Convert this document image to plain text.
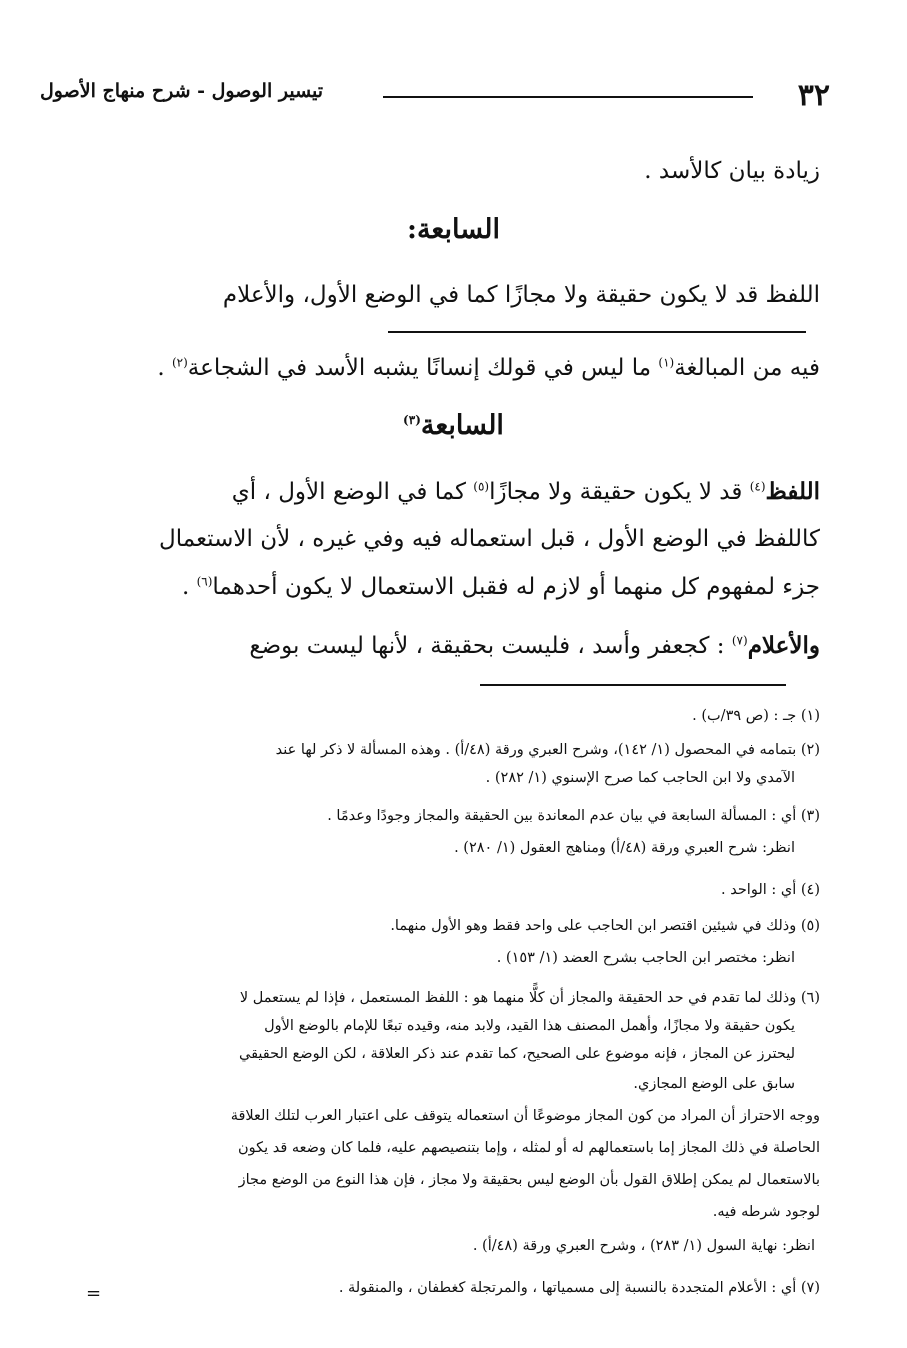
٣٢
تيسير الوصول - شرح منهاج الأصول
زيادة بيان كالأسد .
السابعة:
اللفظ قد لا يكون حقيقة ولا مجازًا كما في الوضع الأول، والأعلام
فيه من المبالغة$^{(١)}$ ما ليس في قولك إنسانًا يشبه الأسد في الشجاعة$^{(٢)}$ .
السابعة$^{(٣)}$
اللفظ$^{(٤)}$ قد لا يكون حقيقة ولا مجازًا$^{(٥)}$ كما في الوضع الأول ، أي
كاللفظ في الوضع الأول ، قبل استعماله فيه وفي غيره ، لأن الاستعمال
جزء لمفهوم كل منهما أو لازم له فقبل الاستعمال لا يكون أحدهما$^{(٦)}$ .
والأعلام$^{(٧)}$ : كجعفر وأسد ، فليست بحقيقة ، لأنها ليست بوضع
(١) جـ : (ص ٣٩/ب) .
(٢) بتمامه في المحصول (١/ ١٤٢)، وشرح العبري ورقة (٤٨/أ) . وهذه المسألة لا ذكر لها عند
الآمدي ولا ابن الحاجب كما صرح الإسنوي (١/ ٢٨٢) .
(٣) أي : المسألة السابعة في بيان عدم المعاندة بين الحقيقة والمجاز وجودًا وعدمًا .
انظر: شرح العبري ورقة (٤٨/أ) ومناهج العقول (١/ ٢٨٠) .
(٤) أي : الواحد .
(٥) وذلك في شيئين اقتصر ابن الحاجب على واحد فقط وهو الأول منهما.
انظر: مختصر ابن الحاجب بشرح العضد (١/ ١٥٣) .
(٦) وذلك لما تقدم في حد الحقيقة والمجاز أن كلًّا منهما هو : اللفظ المستعمل ، فإذا لم يستعمل لا
يكون حقيقة ولا مجازًا، وأهمل المصنف هذا القيد، ولابد منه، وقيده تبعًا للإمام بالوضع الأول
ليحترز عن المجاز ، فإنه موضوع على الصحيح، كما تقدم عند ذكر العلاقة ، لكن الوضع الحقيقي
سابق على الوضع المجازي.
ووجه الاحتراز أن المراد من كون المجاز موضوعًا أن استعماله يتوقف على اعتبار العرب لتلك العلاقة
الحاصلة في ذلك المجاز إما باستعمالهم له أو لمثله ، وإما بتنصيصهم عليه، فلما كان وضعه قد يكون
بالاستعمال لم يمكن إطلاق القول بأن الوضع ليس بحقيقة ولا مجاز ، فإن هذا النوع من الوضع مجاز
لوجود شرطه فيه.
انظر: نهاية السول (١/ ٢٨٣) ، وشرح العبري ورقة (٤٨/أ) .
(٧) أي : الأعلام المتجددة بالنسبة إلى مسمياتها ، والمرتجلة كغطفان ، والمنقولة .
=
